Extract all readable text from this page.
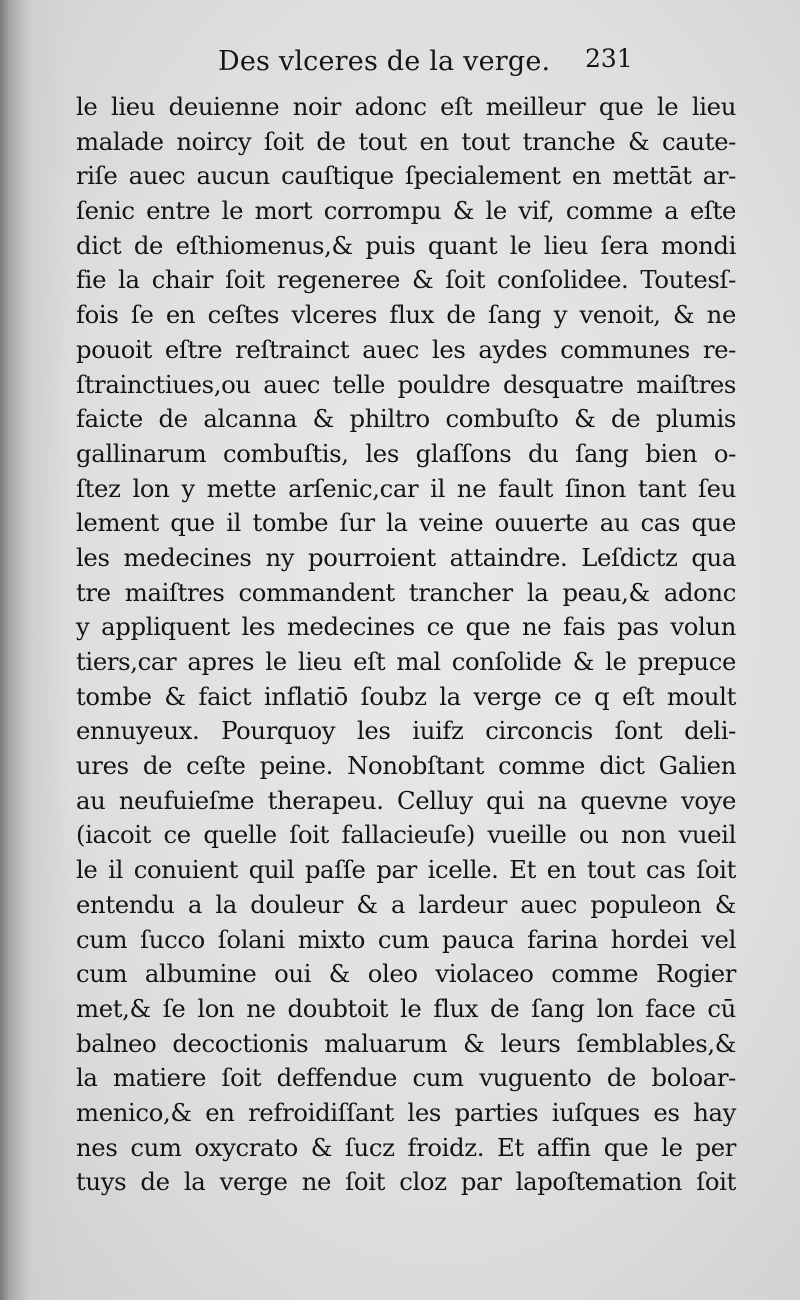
Des vlceres de la verge. 231
le lieu deuienne noir adonc eſt meilleur que le lieu
malade noircy ſoit de tout en tout tranche & caute-
riſe auec aucun cauſtique ſpecialement en mettāt ar-
ſenic entre le mort corrompu & le vif, comme a eſte
dict de eſthiomenus,& puis quant le lieu ſera mondi
fie la chair ſoit regeneree & ſoit conſolidee. Toutesſ-
fois ſe en ceſtes vlceres flux de ſang y venoit, & ne
pouoit eſtre reſtrainct auec les aydes communes re-
ſtrainctiues,ou auec telle pouldre desquatre maiſtres
faicte de alcanna & philtro combuſto & de plumis
gallinarum combuſtis, les glaſſons du ſang bien o-
ſtez lon y mette arſenic,car il ne fault ſinon tant ſeu
lement que il tombe ſur la veine ouuerte au cas que
les medecines ny pourroient attaindre. Leſdictz qua
tre maiſtres commandent trancher la peau,& adonc
y appliquent les medecines ce que ne fais pas volun
tiers,car apres le lieu eſt mal conſolide & le prepuce
tombe & faict inflatiō ſoubz la verge ce q eſt moult
ennuyeux. Pourquoy les iuifz circoncis ſont deli-
ures de ceſte peine. Nonobſtant comme dict Galien
au neufuieſme therapeu. Celluy qui na quevne voye
(iacoit ce quelle ſoit fallacieuſe) vueille ou non vueil
le il conuient quil paſſe par icelle. Et en tout cas ſoit
entendu a la douleur & a lardeur auec populeon &
cum ſucco ſolani mixto cum pauca farina hordei vel
cum albumine oui & oleo violaceo comme Rogier
met,& ſe lon ne doubtoit le flux de ſang lon face cū
balneo decoctionis maluarum & leurs ſemblables,&
la matiere ſoit deffendue cum vuguento de boloar-
menico,& en refroidiſſant les parties iuſques es hay
nes cum oxycrato & ſucz froidz. Et affin que le per
tuys de la verge ne ſoit cloz par lapoſtemation ſoit
